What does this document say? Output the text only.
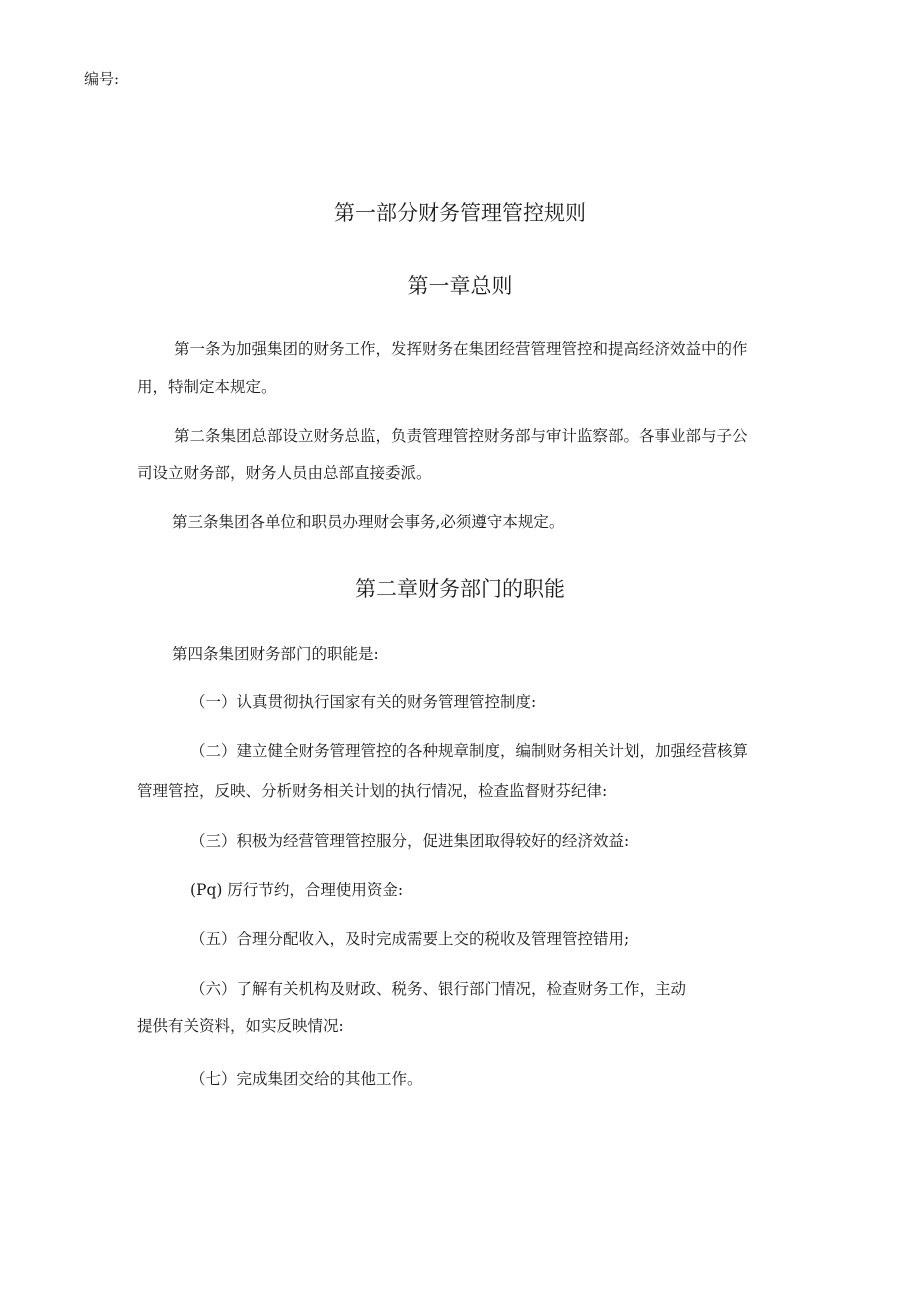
编号:

第一部分财务管理管控规则
第一章总则

第一条为加强集团的财务工作，发挥财务在集团经营管理管控和提高经济效益中的作

用，特制定本规定。

第二条集团总部设立财务总监，负责管理管控财务部与审计监察部。各事业部与子公

司设立财务部，财务人员由总部直接委派。

第三条集团各单位和职员办理财会事务,必须遵守本规定。

第二章财务部门的职能

第四条集团财务部门的职能是:

（一）认真贯彻执行国家有关的财务管理管控制度:

（二）建立健全财务管理管控的各种规章制度，编制财务相关计划，加强经营核算

管理管控，反映、分析财务相关计划的执行情况，检查监督财芬纪律:

（三）积极为经营管理管控服分，促进集团取得较好的经济效益:

(Pq) 厉行节约，合理使用资金:

（五）合理分配收入，及时完成需要上交的税收及管理管控错用;

（六）了解有关机构及财政、税务、银行部门情况，检查财务工作，主动

提供有关资料，如实反映情况:

（七）完成集团交给的其他工作。
